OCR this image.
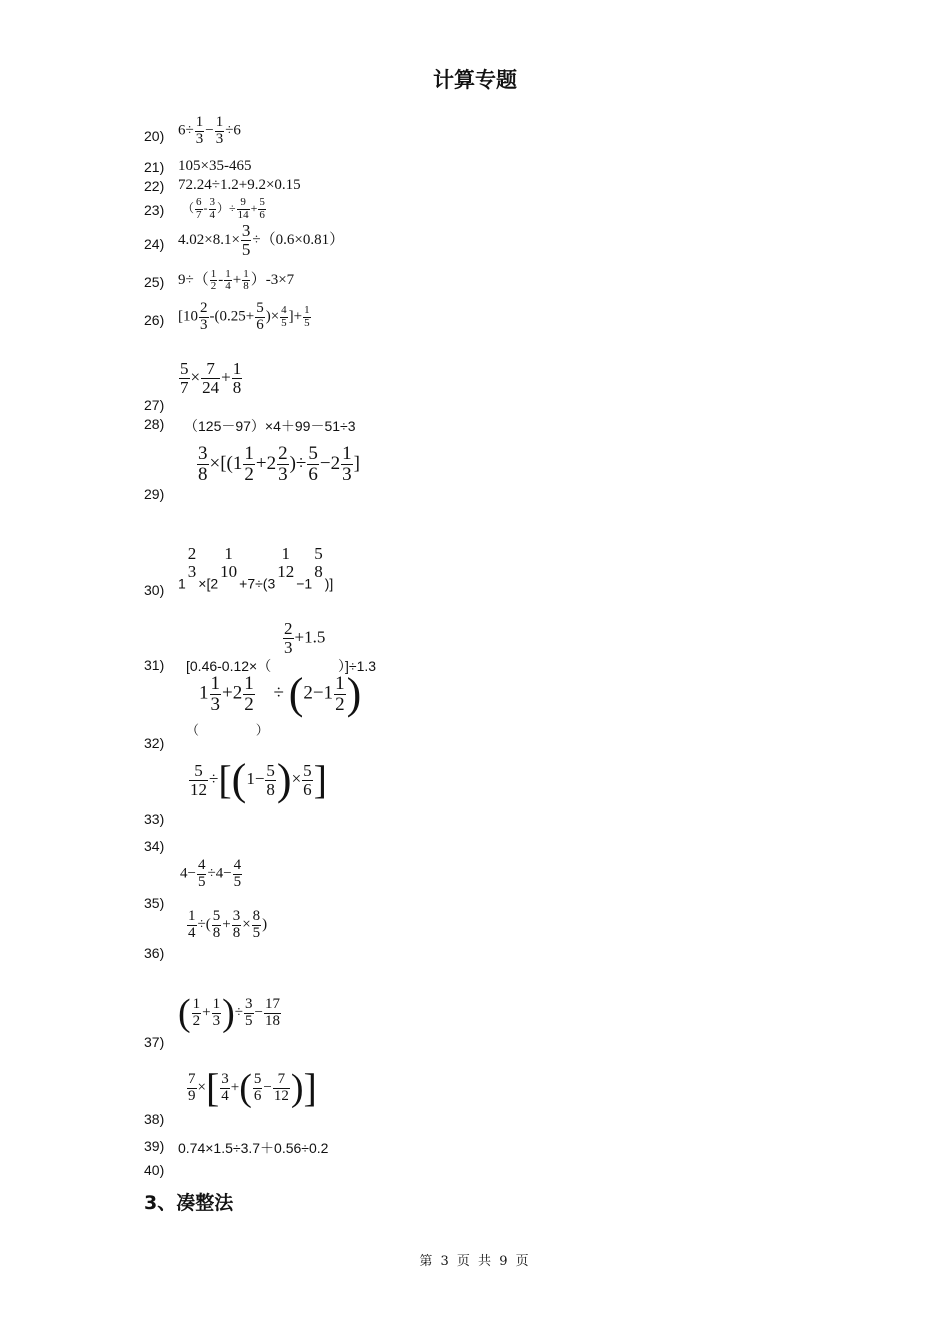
计算专题
20) $6\div \frac{1}{3} - \frac{1}{3} \div 6$
21) 105×35-465
22) 72.24÷1.2+9.2×0.15
23) （ $\frac{6}{7} - \frac{3}{4}$ ）÷ $\frac{9}{14} + \frac{5}{6}$
24) $4.02\times 8.1\times \frac{3}{5} \div(0.6\times 0.81)$
25) $9\div( \frac{1}{2} - \frac{1}{4} + \frac{1}{8} )-3\times 7$
26) [$10 \frac{2}{3} -(0.25+ \frac{5}{6}$ )× $\frac{4}{5}$ ]+ $\frac{1}{5}$
27)
$\frac{5}{7} \times \frac{7}{24} + \frac{1}{8}$
28) （125－97）×4＋99－51÷3
29)
$\frac{3}{8} \times[(1 \frac{1}{2} +2 \frac{2}{3}$ )÷ $\frac{5}{6} -2 \frac{1}{3}$ ]
30) 1
2
3
×[2
1
10
+7÷(3
1
12
−1
5
8
)]
31) [0.46-0.12×（
$\frac{2}{3} +1.5$
）]÷1.3
32)
$_(1 \frac{1}{3} +2 \frac{1}{2}$
$_) \div (2-1 \frac{1}{2}$ )
33)
$\frac{5}{12} \div[(1- \frac{5}{8}$ )× $\frac{5}{6}$ ]
34)
35)
$4- \frac{4}{5} \div 4- \frac{4}{5}$
36)
$\frac{1}{4}$ ÷( $\frac{5}{8} + \frac{3}{8} \times \frac{8}{5}$ )
37)
( $\frac{1}{2} + \frac{1}{3}$ )÷ $\frac{3}{5} - \frac{17}{18}$
38)
$\frac{7}{9}$ ×[ $\frac{3}{4}$ +( $\frac{5}{6} - \frac{7}{12}$ )]
39) 0.74×1.5÷3.7＋0.56÷0.2
40)
3、凑整法
第 3 页 共 9 页
